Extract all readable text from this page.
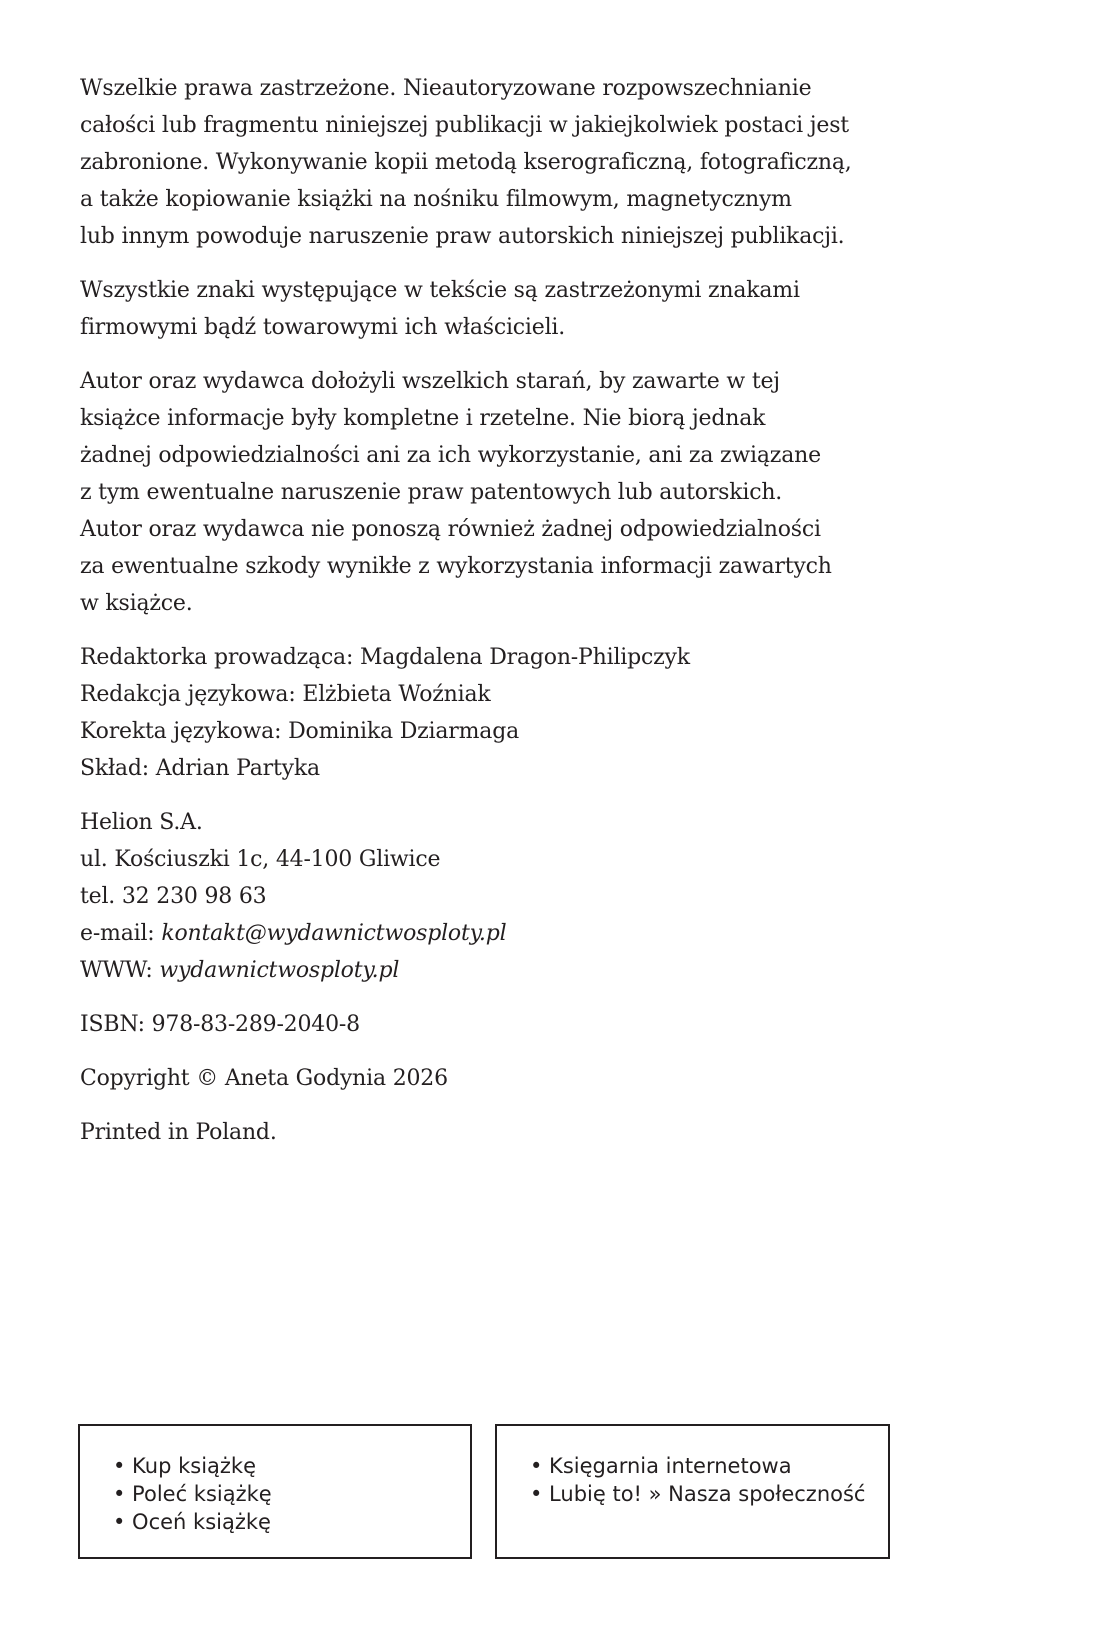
Wszelkie prawa zastrzeżone. Nieautoryzowane rozpowszechnianie
całości lub fragmentu niniejszej publikacji w jakiejkolwiek postaci jest
zabronione. Wykonywanie kopii metodą kserograficzną, fotograficzną,
a także kopiowanie książki na nośniku filmowym, magnetycznym
lub innym powoduje naruszenie praw autorskich niniejszej publikacji.

Wszystkie znaki występujące w tekście są zastrzeżonymi znakami
firmowymi bądź towarowymi ich właścicieli.

Autor oraz wydawca dołożyli wszelkich starań, by zawarte w tej
książce informacje były kompletne i rzetelne. Nie biorą jednak
żadnej odpowiedzialności ani za ich wykorzystanie, ani za związane
z tym ewentualne naruszenie praw patentowych lub autorskich.
Autor oraz wydawca nie ponoszą również żadnej odpowiedzialności
za ewentualne szkody wynikłe z wykorzystania informacji zawartych
w książce.

Redaktorka prowadząca: Magdalena Dragon-Philipczyk
Redakcja językowa: Elżbieta Woźniak
Korekta językowa: Dominika Dziarmaga
Skład: Adrian Partyka

Helion S.A.
ul. Kościuszki 1c, 44-100 Gliwice
tel. 32 230 98 63
e-mail: kontakt@wydawnictwosploty.pl
WWW: wydawnictwosploty.pl

ISBN: 978-83-289-2040-8

Copyright © Aneta Godynia 2026

Printed in Poland.

• Kup książkę
• Poleć książkę
• Oceń książkę
• Księgarnia internetowa
• Lubię to! » Nasza społeczność
